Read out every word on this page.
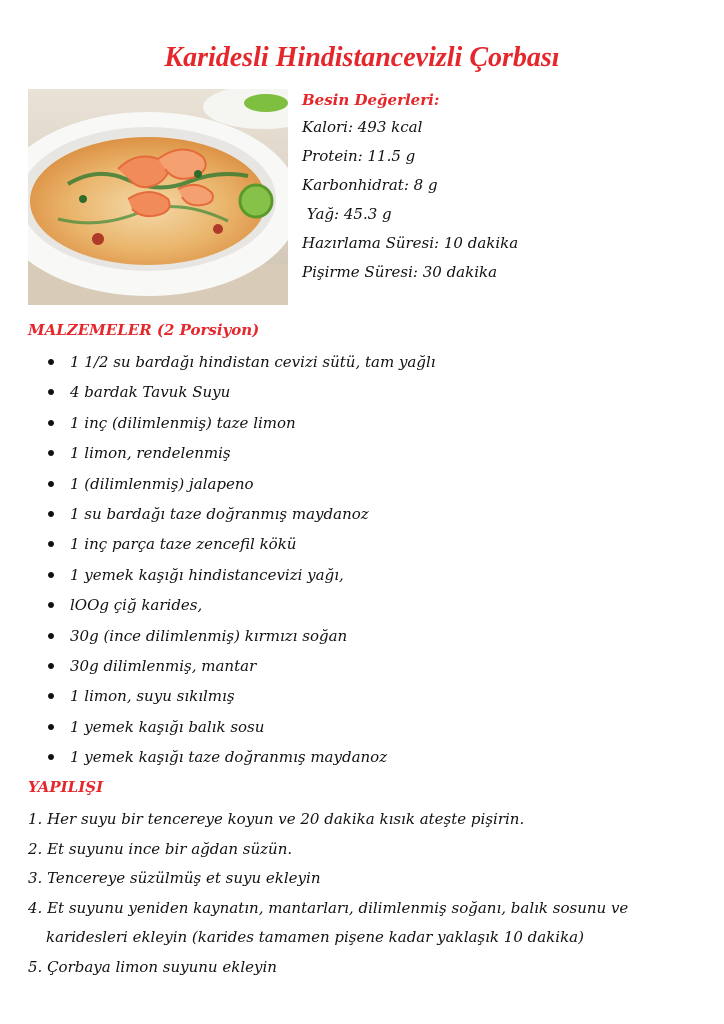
Karidesli Hindistancevizli Çorbası
Besin Değerleri:
Kalori: 493 kcal
Protein: 11.5 g
Karbonhidrat: 8 g
Yağ: 45.3 g
Hazırlama Süresi: 10 dakika
Pişirme Süresi: 30 dakika
MALZEMELER (2 Porsiyon)
1 1/2 su bardağı hindistan cevizi sütü, tam yağlı
4 bardak Tavuk Suyu
1 inç (dilimlenmiş) taze limon
1 limon, rendelenmiş
1 (dilimlenmiş) jalapeno
1 su bardağı taze doğranmış maydanoz
1 inç parça taze zencefil kökü
1 yemek kaşığı hindistancevizi yağı,
lOOg çiğ karides,
30g (ince dilimlenmiş) kırmızı soğan
30g dilimlenmiş, mantar
1 limon, suyu sıkılmış
1 yemek kaşığı balık sosu
1 yemek kaşığı taze doğranmış maydanoz
YAPILIŞI
1. Her suyu bir tencereye koyun ve 20 dakika kısık ateşte pişirin.
2. Et suyunu ince bir ağdan süzün.
3. Tencereye süzülmüş et suyu ekleyin
4. Et suyunu yeniden kaynatın, mantarları, dilimlenmiş soğanı, balık sosunu ve
karidesleri ekleyin (karides tamamen pişene kadar yaklaşık 10 dakika)
5. Çorbaya limon suyunu ekleyin
